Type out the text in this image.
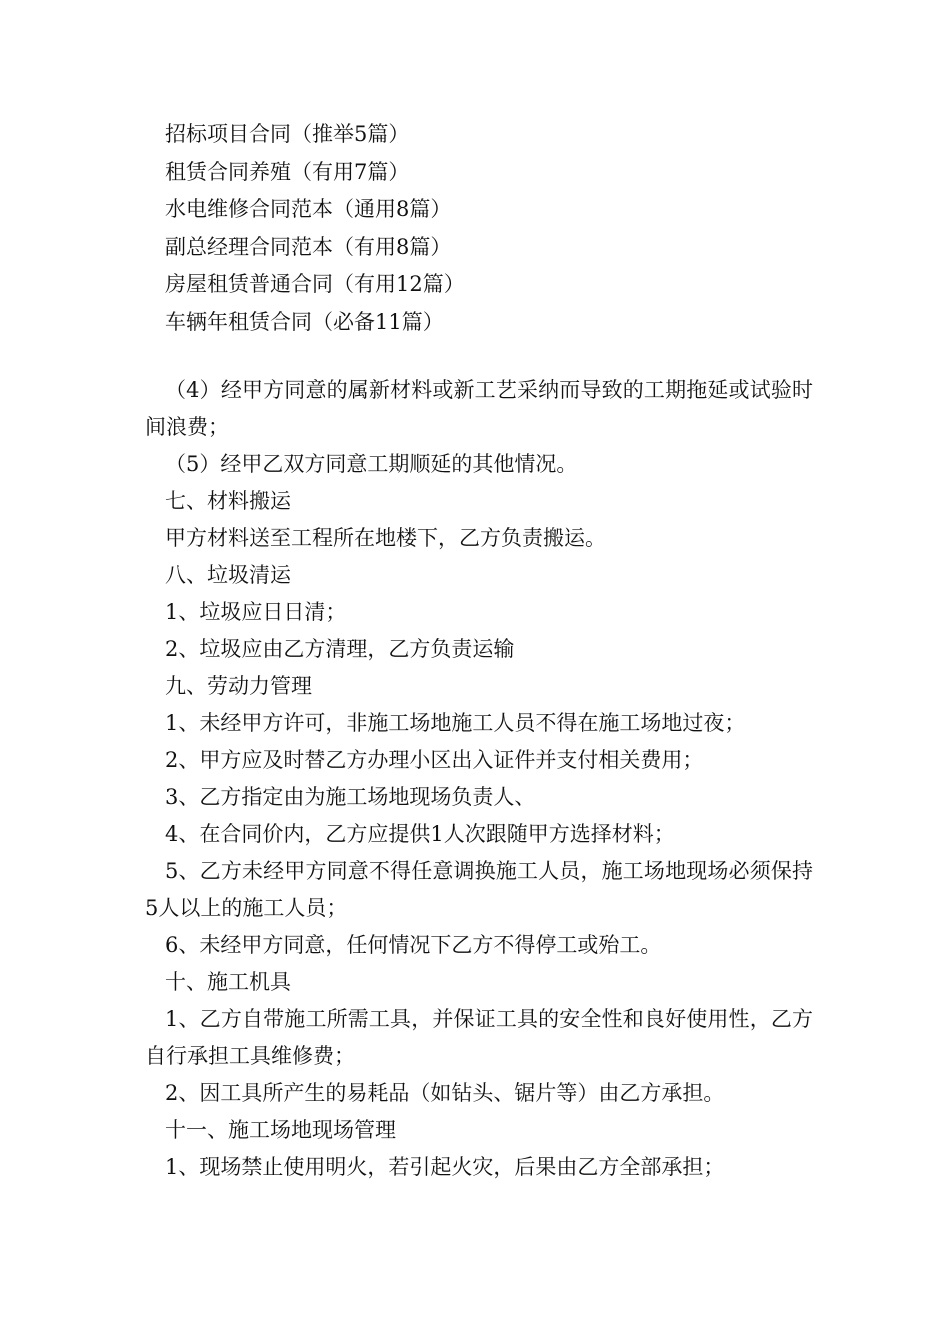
招标项目合同（推举5篇）
租赁合同养殖（有用7篇）
水电维修合同范本（通用8篇）
副总经理合同范本（有用8篇）
房屋租赁普通合同（有用12篇）
车辆年租赁合同（必备11篇）

（4）经甲方同意的属新材料或新工艺采纳而导致的工期拖延或试验时间浪费；

（5）经甲乙双方同意工期顺延的其他情况。

七、材料搬运

甲方材料送至工程所在地楼下，乙方负责搬运。

八、垃圾清运

1、垃圾应日日清；

2、垃圾应由乙方清理，乙方负责运输

九、劳动力管理

1、未经甲方许可，非施工场地施工人员不得在施工场地过夜；

2、甲方应及时替乙方办理小区出入证件并支付相关费用；

3、乙方指定由为施工场地现场负责人、

4、在合同价内，乙方应提供1人次跟随甲方选择材料；

5、乙方未经甲方同意不得任意调换施工人员，施工场地现场必须保持5人以上的施工人员；

6、未经甲方同意，任何情况下乙方不得停工或殆工。

十、施工机具

1、乙方自带施工所需工具，并保证工具的安全性和良好使用性，乙方自行承担工具维修费；

2、因工具所产生的易耗品（如钻头、锯片等）由乙方承担。

十一、施工场地现场管理

1、现场禁止使用明火，若引起火灾，后果由乙方全部承担；
